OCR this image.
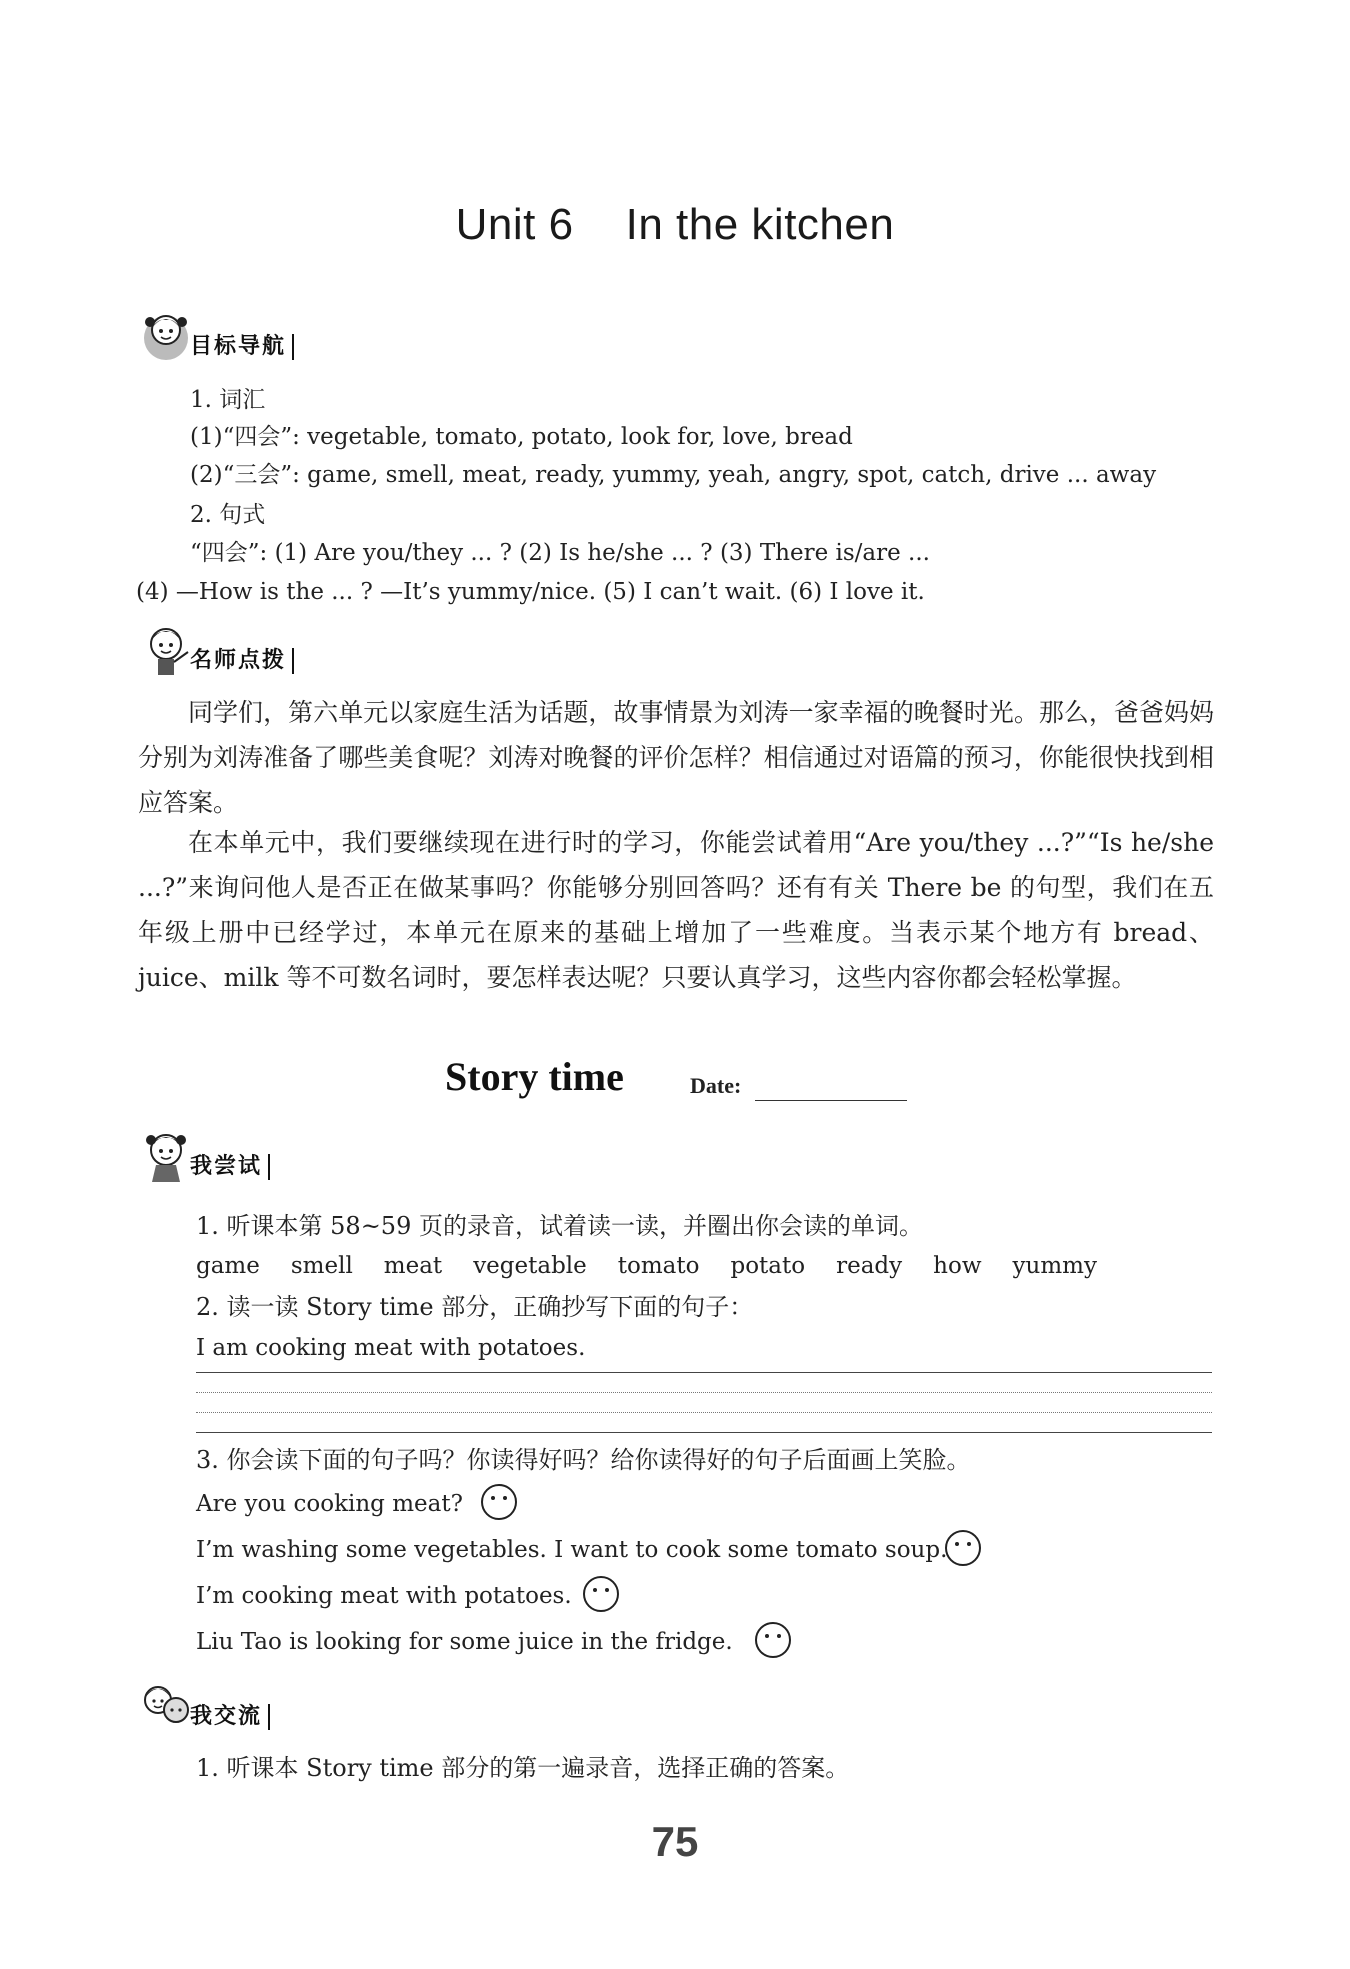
Unit 6 In the kitchen
目标导航
1. 词汇
(1)“四会”: vegetable, tomato, potato, look for, love, bread
(2)“三会”: game, smell, meat, ready, yummy, yeah, angry, spot, catch, drive ... away
2. 句式
“四会”: (1) Are you/they ... ? (2) Is he/she ... ? (3) There is/are ...
(4) —How is the ... ? —It’s yummy/nice. (5) I can’t wait. (6) I love it.
名师点拨
同学们，第六单元以家庭生活为话题，故事情景为刘涛一家幸福的晚餐时光。那么，爸爸妈妈分别为刘涛准备了哪些美食呢？刘涛对晚餐的评价怎样？相信通过对语篇的预习，你能很快找到相应答案。
在本单元中，我们要继续现在进行时的学习，你能尝试着用“Are you/they ...?”“Is he/she ...?”来询问他人是否正在做某事吗？你能够分别回答吗？还有有关 There be 的句型，我们在五年级上册中已经学过，本单元在原来的基础上增加了一些难度。当表示某个地方有 bread、juice、milk 等不可数名词时，要怎样表达呢？只要认真学习，这些内容你都会轻松掌握。
Story time	Date:
我尝试
1. 听课本第 58~59 页的录音，试着读一读，并圈出你会读的单词。
game smell meat vegetable tomato potato ready how yummy
2. 读一读 Story time 部分，正确抄写下面的句子：
I am cooking meat with potatoes.
3. 你会读下面的句子吗？你读得好吗？给你读得好的句子后面画上笑脸。
Are you cooking meat?
I’m washing some vegetables. I want to cook some tomato soup.
I’m cooking meat with potatoes.
Liu Tao is looking for some juice in the fridge.
我交流
1. 听课本 Story time 部分的第一遍录音，选择正确的答案。
75
